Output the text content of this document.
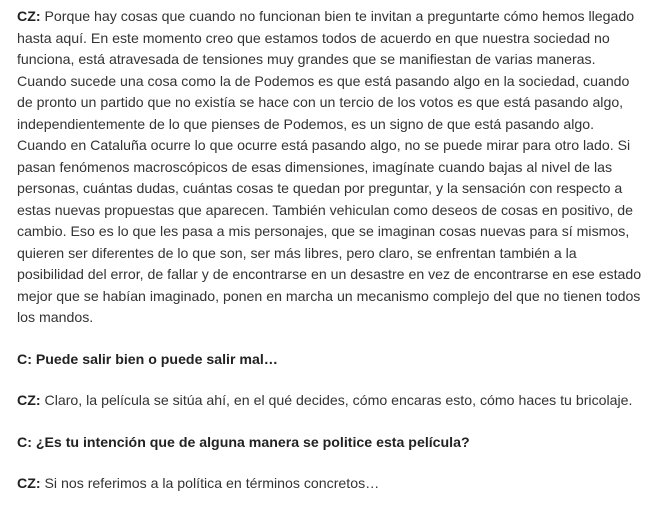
CZ: Porque hay cosas que cuando no funcionan bien te invitan a preguntarte cómo hemos llegado hasta aquí. En este momento creo que estamos todos de acuerdo en que nuestra sociedad no funciona, está atravesada de tensiones muy grandes que se manifiestan de varias maneras. Cuando sucede una cosa como la de Podemos es que está pasando algo en la sociedad, cuando de pronto un partido que no existía se hace con un tercio de los votos es que está pasando algo, independientemente de lo que pienses de Podemos, es un signo de que está pasando algo. Cuando en Cataluña ocurre lo que ocurre está pasando algo, no se puede mirar para otro lado. Si pasan fenómenos macroscópicos de esas dimensiones, imagínate cuando bajas al nivel de las personas, cuántas dudas, cuántas cosas te quedan por preguntar, y la sensación con respecto a estas nuevas propuestas que aparecen. También vehiculan como deseos de cosas en positivo, de cambio. Eso es lo que les pasa a mis personajes, que se imaginan cosas nuevas para sí mismos, quieren ser diferentes de lo que son, ser más libres, pero claro, se enfrentan también a la posibilidad del error, de fallar y de encontrarse en un desastre en vez de encontrarse en ese estado mejor que se habían imaginado, ponen en marcha un mecanismo complejo del que no tienen todos los mandos.

C: Puede salir bien o puede salir mal…

CZ: Claro, la película se sitúa ahí, en el qué decides, cómo encaras esto, cómo haces tu bricolaje.

C: ¿Es tu intención que de alguna manera se politice esta película?

CZ: Si nos referimos a la política en términos concretos…
